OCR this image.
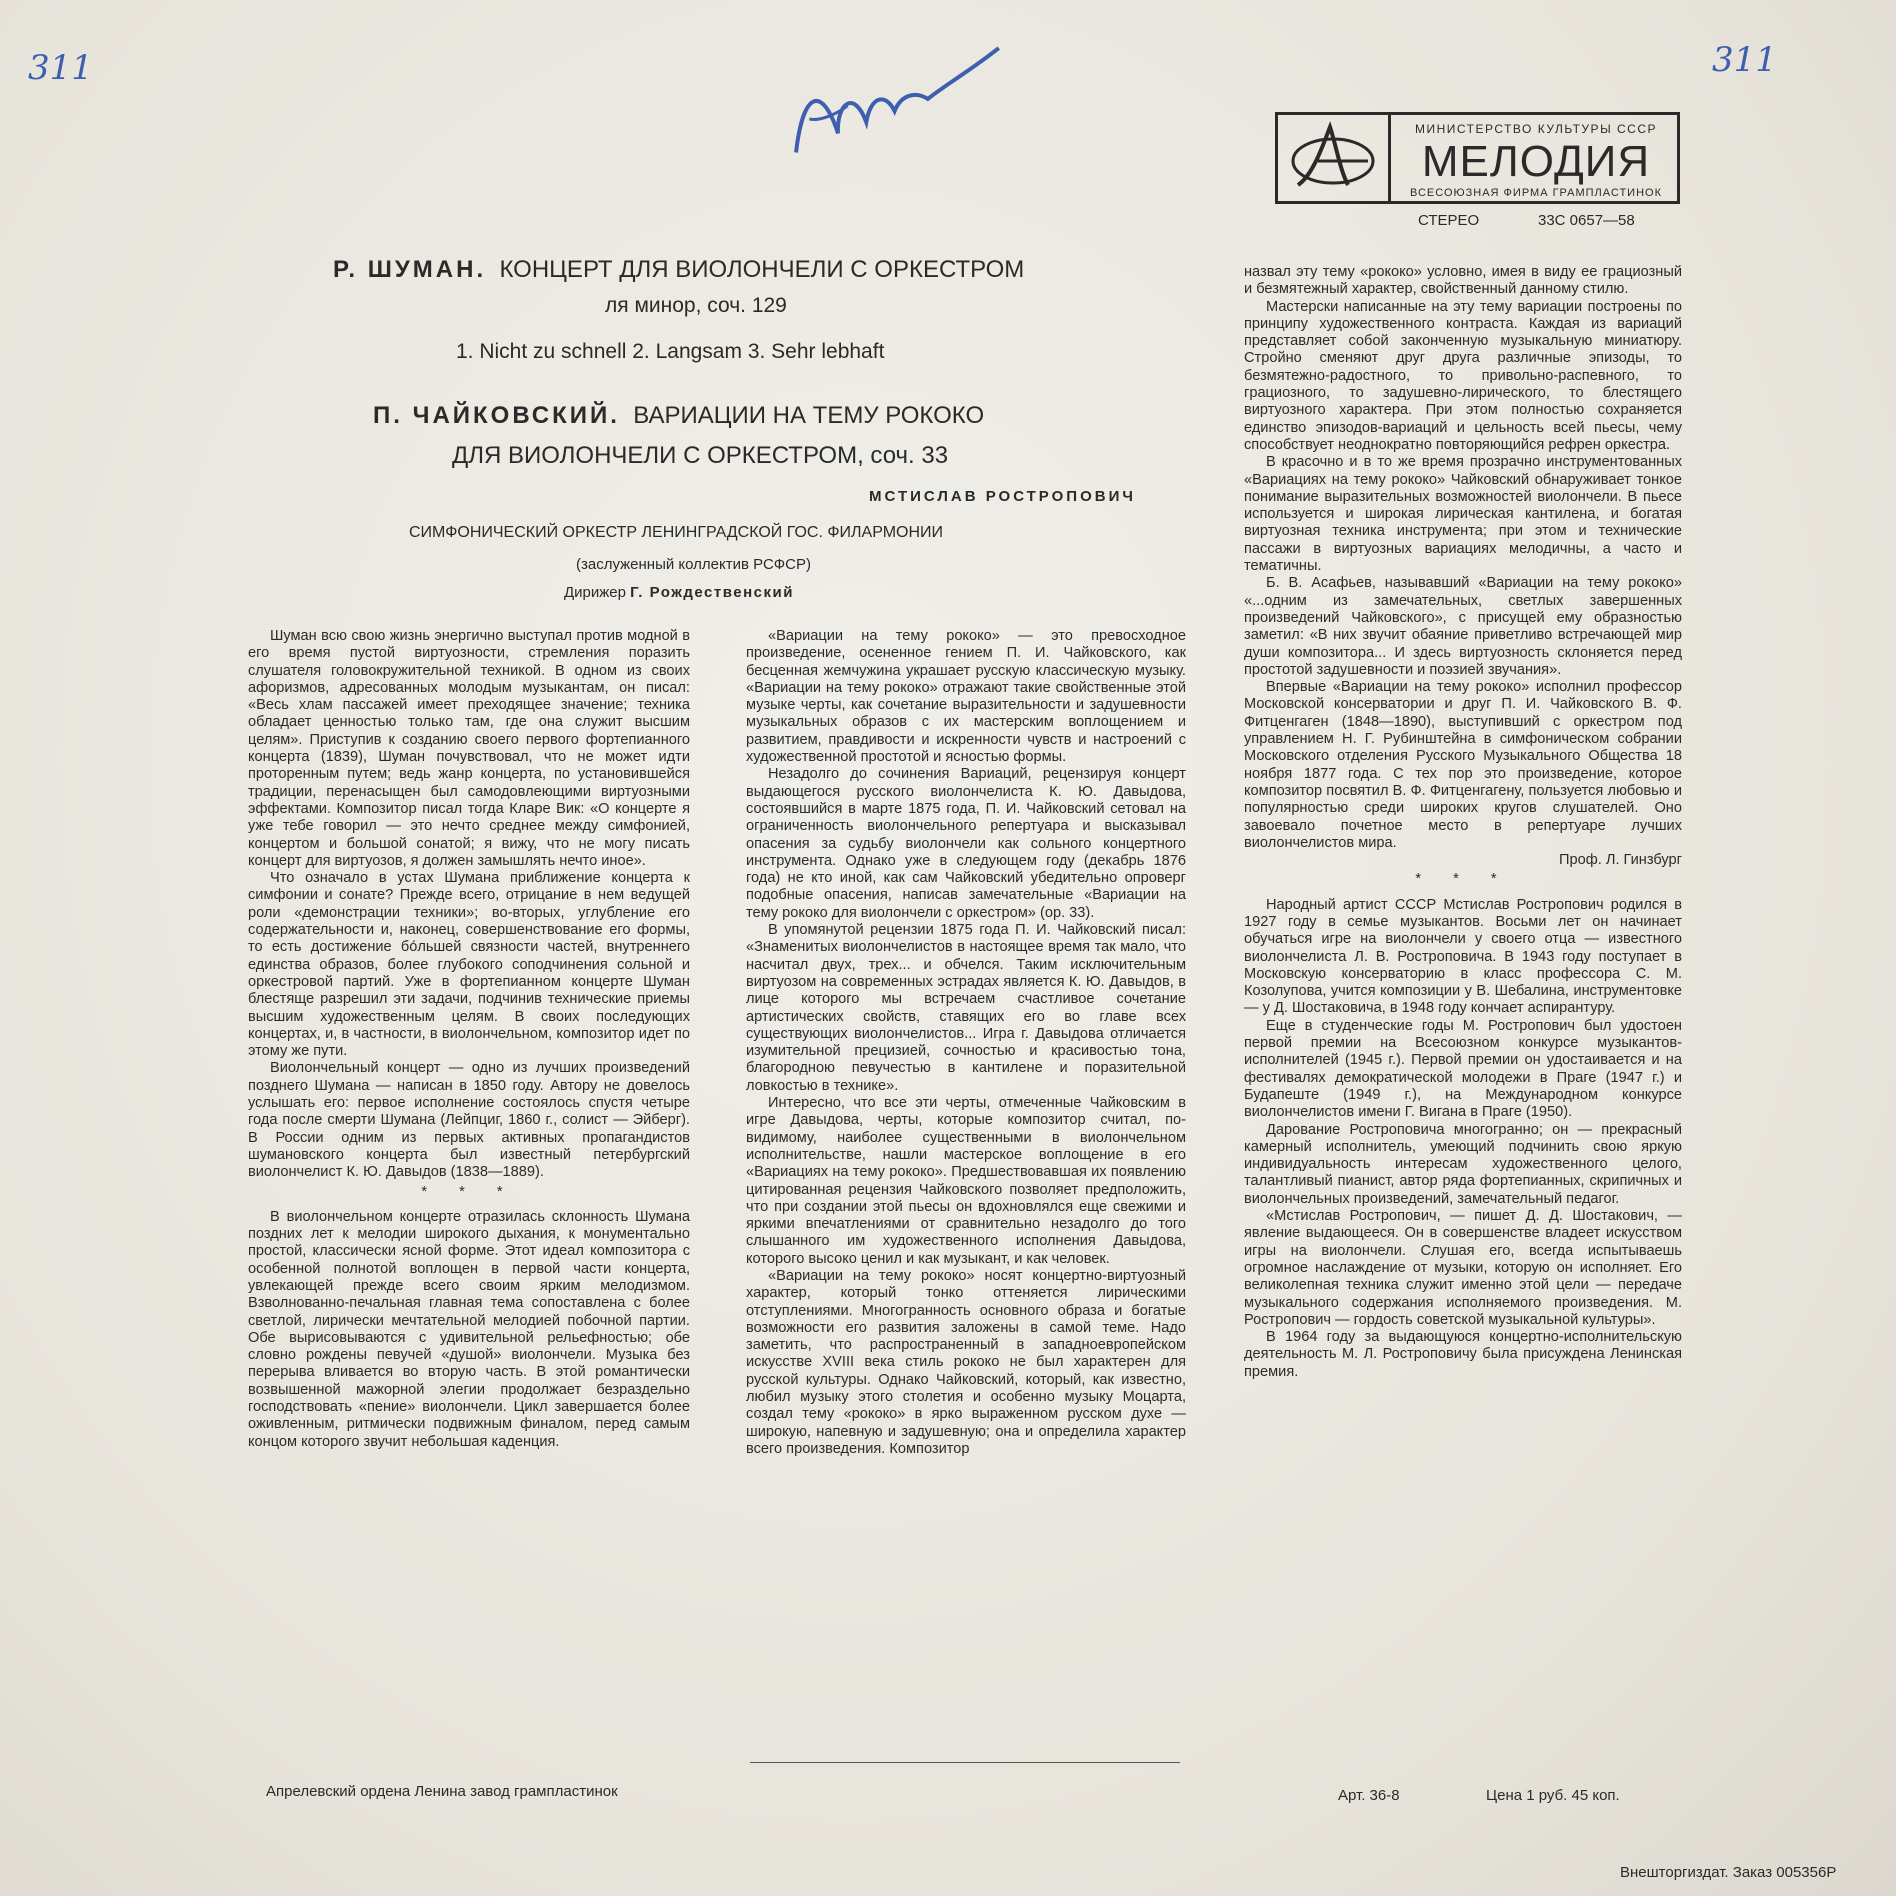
311	311
МИНИСТЕРСТВО КУЛЬТУРЫ СССР
МЕЛОДИЯ
ВСЕСОЮЗНАЯ ФИРМА ГРАМПЛАСТИНОК
СТЕРЕО	33С 0657—58
Р. ШУМАН. КОНЦЕРТ ДЛЯ ВИОЛОНЧЕЛИ С ОРКЕСТРОМ
ля минор, соч. 129
1. Nicht zu schnell 2. Langsam 3. Sehr lebhaft
П. ЧАЙКОВСКИЙ. ВАРИАЦИИ НА ТЕМУ РОКОКО
ДЛЯ ВИОЛОНЧЕЛИ С ОРКЕСТРОМ, соч. 33
МСТИСЛАВ РОСТРОПОВИЧ
СИМФОНИЧЕСКИЙ ОРКЕСТР ЛЕНИНГРАДСКОЙ ГОС. ФИЛАРМОНИИ
(заслуженный коллектив РСФСР)
Дирижер Г. Рождественский

Шуман всю свою жизнь энергично выступал против модной в его время пустой виртуозности, стремления поразить слушателя головокружительной техникой. В одном из своих афоризмов, адресованных молодым музыкантам, он писал: «Весь хлам пассажей имеет преходящее значение; техника обладает ценностью только там, где она служит высшим целям». Приступив к созданию своего первого фортепианного концерта (1839), Шуман почувствовал, что не может идти проторенным путем; ведь жанр концерта, по установившейся традиции, перенасыщен был самодовлеющими виртуозными эффектами. Композитор писал тогда Кларе Вик: «О концерте я уже тебе говорил — это нечто среднее между симфонией, концертом и большой сонатой; я вижу, что не могу писать концерт для виртуозов, я должен замышлять нечто иное».

Что означало в устах Шумана приближение концерта к симфонии и сонате? Прежде всего, отрицание в нем ведущей роли «демонстрации техники»; во-вторых, углубление его содержательности и, наконец, совершенствование его формы, то есть достижение бо́льшей связности частей, внутреннего единства образов, более глубокого соподчинения сольной и оркестровой партий. Уже в фортепианном концерте Шуман блестяще разрешил эти задачи, подчинив технические приемы высшим художественным целям. В своих последующих концертах, и, в частности, в виолончельном, композитор идет по этому же пути.

Виолончельный концерт — одно из лучших произведений позднего Шумана — написан в 1850 году. Автору не довелось услышать его: первое исполнение состоялось спустя четыре года после смерти Шумана (Лейпциг, 1860 г., солист — Эйберг). В России одним из первых активных пропагандистов шумановского концерта был известный петербургский виолончелист К. Ю. Давыдов (1838—1889).

* * *

В виолончельном концерте отразилась склонность Шумана поздних лет к мелодии широкого дыхания, к монументально простой, классически ясной форме. Этот идеал композитора с особенной полнотой воплощен в первой части концерта, увлекающей прежде всего своим ярким мелодизмом. Взволнованно-печальная главная тема сопоставлена с более светлой, лирически мечтательной мелодией побочной партии. Обе вырисовываются с удивительной рельефностью; обе словно рождены певучей «душой» виолончели. Музыка без перерыва вливается во вторую часть. В этой романтически возвышенной мажорной элегии продолжает безраздельно господствовать «пение» виолончели. Цикл завершается более оживленным, ритмически подвижным финалом, перед самым концом которого звучит небольшая каденция.

«Вариации на тему рококо» — это превосходное произведение, осененное гением П. И. Чайковского, как бесценная жемчужина украшает русскую классическую музыку. «Вариации на тему рококо» отражают такие свойственные этой музыке черты, как сочетание выразительности и задушевности музыкальных образов с их мастерским воплощением и развитием, правдивости и искренности чувств и настроений с художественной простотой и ясностью формы.

Незадолго до сочинения Вариаций, рецензируя концерт выдающегося русского виолончелиста К. Ю. Давыдова, состоявшийся в марте 1875 года, П. И. Чайковский сетовал на ограниченность виолончельного репертуара и высказывал опасения за судьбу виолончели как сольного концертного инструмента. Однако уже в следующем году (декабрь 1876 года) не кто иной, как сам Чайковский убедительно опроверг подобные опасения, написав замечательные «Вариации на тему рококо для виолончели с оркестром» (ор. 33).

В упомянутой рецензии 1875 года П. И. Чайковский писал: «Знаменитых виолончелистов в настоящее время так мало, что насчитал двух, трех... и обчелся. Таким исключительным виртуозом на современных эстрадах является К. Ю. Давыдов, в лице которого мы встречаем счастливое сочетание артистических свойств, ставящих его во главе всех существующих виолончелистов... Игра г. Давыдова отличается изумительной прецизией, сочностью и красивостью тона, благородною певучестью в кантилене и поразительной ловкостью в технике».

Интересно, что все эти черты, отмеченные Чайковским в игре Давыдова, черты, которые композитор считал, по-видимому, наиболее существенными в виолончельном исполнительстве, нашли мастерское воплощение в его «Вариациях на тему рококо». Предшествовавшая их появлению цитированная рецензия Чайковского позволяет предположить, что при создании этой пьесы он вдохновлялся еще свежими и яркими впечатлениями от сравнительно незадолго до того слышанного им художественного исполнения Давыдова, которого высоко ценил и как музыкант, и как человек.

«Вариации на тему рококо» носят концертно-виртуозный характер, который тонко оттеняется лирическими отступлениями. Многогранность основного образа и богатые возможности его развития заложены в самой теме. Надо заметить, что распространенный в западноевропейском искусстве XVIII века стиль рококо не был характерен для русской культуры. Однако Чайковский, который, как известно, любил музыку этого столетия и особенно музыку Моцарта, создал тему «рококо» в ярко выраженном русском духе — широкую, напевную и задушевную; она и определила характер всего произведения. Композитор

назвал эту тему «рококо» условно, имея в виду ее грациозный и безмятежный характер, свойственный данному стилю.

Мастерски написанные на эту тему вариации построены по принципу художественного контраста. Каждая из вариаций представляет собой законченную музыкальную миниатюру. Стройно сменяют друг друга различные эпизоды, то безмятежно-радостного, то привольно-распевного, то грациозного, то задушевно-лирического, то блестящего виртуозного характера. При этом полностью сохраняется единство эпизодов-вариаций и цельность всей пьесы, чему способствует неоднократно повторяющийся рефрен оркестра.

В красочно и в то же время прозрачно инструментованных «Вариациях на тему рококо» Чайковский обнаруживает тонкое понимание выразительных возможностей виолончели. В пьесе используется и широкая лирическая кантилена, и богатая виртуозная техника инструмента; при этом и технические пассажи в виртуозных вариациях мелодичны, а часто и тематичны.

Б. В. Асафьев, называвший «Вариации на тему рококо» «...одним из замечательных, светлых завершенных произведений Чайковского», с присущей ему образностью заметил: «В них звучит обаяние приветливо встречающей мир души композитора... И здесь виртуозность склоняется перед простотой задушевности и поэзией звучания».

Впервые «Вариации на тему рококо» исполнил профессор Московской консерватории и друг П. И. Чайковского В. Ф. Фитценгаген (1848—1890), выступивший с оркестром под управлением Н. Г. Рубинштейна в симфоническом собрании Московского отделения Русского Музыкального Общества 18 ноября 1877 года. С тех пор это произведение, которое композитор посвятил В. Ф. Фитценгагену, пользуется любовью и популярностью среди широких кругов слушателей. Оно завоевало почетное место в репертуаре лучших виолончелистов мира.

Проф. Л. Гинзбург

* * *

Народный артист СССР Мстислав Ростропович родился в 1927 году в семье музыкантов. Восьми лет он начинает обучаться игре на виолончели у своего отца — известного виолончелиста Л. В. Ростроповича. В 1943 году поступает в Московскую консерваторию в класс профессора С. М. Козолупова, учится композиции у В. Шебалина, инструментовке — у Д. Шостаковича, в 1948 году кончает аспирантуру.

Еще в студенческие годы М. Ростропович был удостоен первой премии на Всесоюзном конкурсе музыкантов-исполнителей (1945 г.). Первой премии он удостаивается и на фестивалях демократической молодежи в Праге (1947 г.) и Будапеште (1949 г.), на Международном конкурсе виолончелистов имени Г. Вигана в Праге (1950).

Дарование Ростроповича многогранно; он — прекрасный камерный исполнитель, умеющий подчинить свою яркую индивидуальность интересам художественного целого, талантливый пианист, автор ряда фортепианных, скрипичных и виолончельных произведений, замечательный педагог.

«Мстислав Ростропович, — пишет Д. Д. Шостакович, — явление выдающееся. Он в совершенстве владеет искусством игры на виолончели. Слушая его, всегда испытываешь огромное наслаждение от музыки, которую он исполняет. Его великолепная техника служит именно этой цели — передаче музыкального содержания исполняемого произведения. М. Ростропович — гордость советской музыкальной культуры».

В 1964 году за выдающуюся концертно-исполнительскую деятельность М. Л. Ростроповичу была присуждена Ленинская премия.

Апрелевский ордена Ленина завод грампластинок	Арт. 36-8	Цена 1 руб. 45 коп.
Внешторгиздат. Заказ 005356Р
